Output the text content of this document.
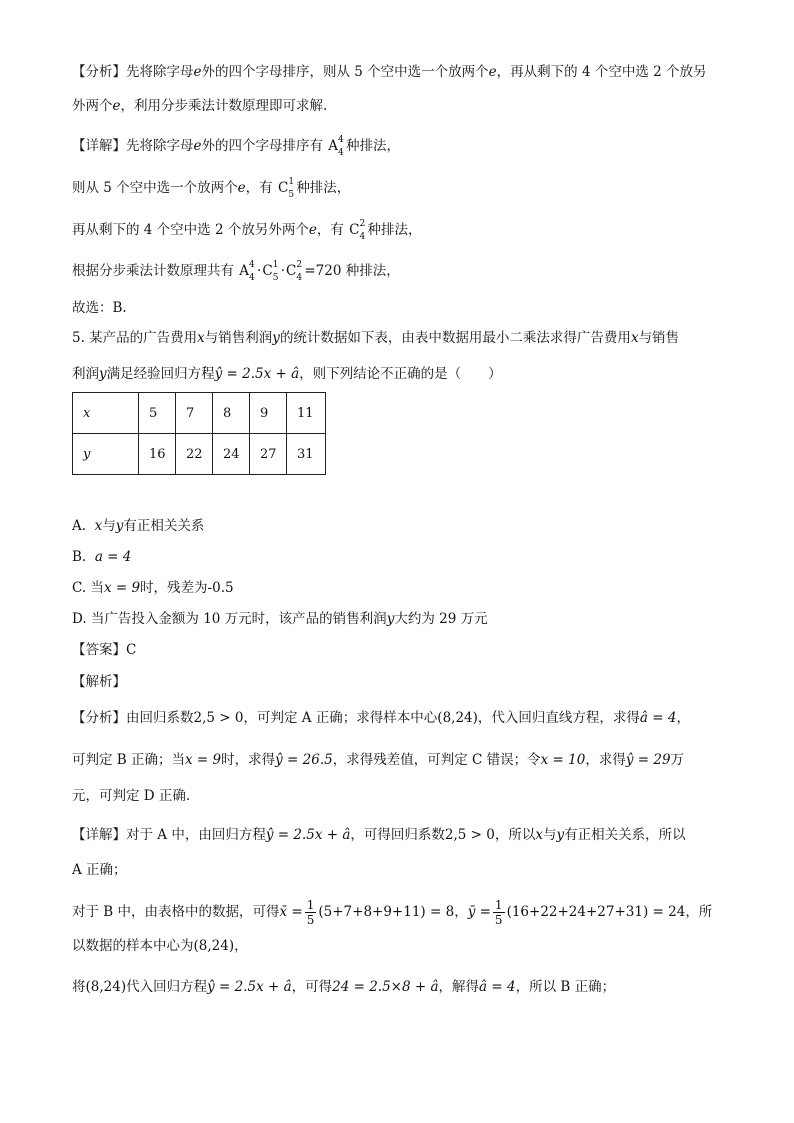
【分析】先将除字母e外的四个字母排序，则从 5 个空中选一个放两个e，再从剩下的 4 个空中选 2 个放另
外两个e，利用分步乘法计数原理即可求解.
【详解】先将除字母e外的四个字母排序有 A 4
4 种排法，
则从 5 个空中选一个放两个e，有 C 1
5 种排法，
再从剩下的 4 个空中选 2 个放另外两个e，有 C 2
4 种排法，
根据分步乘法计数原理共有 A 4
4 ·C 1
5 ·C 2
4 =720 种排法，
故选：B.
5. 某产品的广告费用x与销售利润y的统计数据如下表，由表中数据用最小二乘法求得广告费用x与销售
利润y满足经验回归方程ŷ = 2.5x + â，则下列结论不正确的是（　　）
x	5	7	8	9	11
y	16	22	24	27	31
A. x与y有正相关关系
B. a = 4
C. 当x = 9时，残差为-0.5
D. 当广告投入金额为 10 万元时，该产品的销售利润y大约为 29 万元
【答案】C
【解析】
【分析】由回归系数2,5 > 0，可判定 A 正确；求得样本中心(8,24)，代入回归直线方程，求得â = 4，
可判定 B 正确；当x = 9时，求得ŷ = 26.5，求得残差值，可判定 C 错误；令x = 10，求得ŷ = 29万
元，可判定 D 正确.
【详解】对于 A 中，由回归方程ŷ = 2.5x + â，可得回归系数2,5 > 0，所以x与y有正相关关系，所以
A 正确；
对于 B 中，由表格中的数据，可得x̄ = $\frac{1}{5} (5+7+8+9+11) = 8$，ȳ = $\frac{1}{5} (16+22+24+27+31) = 24$，所
以数据的样本中心为(8,24)，
将(8,24)代入回归方程ŷ = 2.5x + â，可得24 = 2.5×8 + â，解得â = 4，所以 B 正确；
